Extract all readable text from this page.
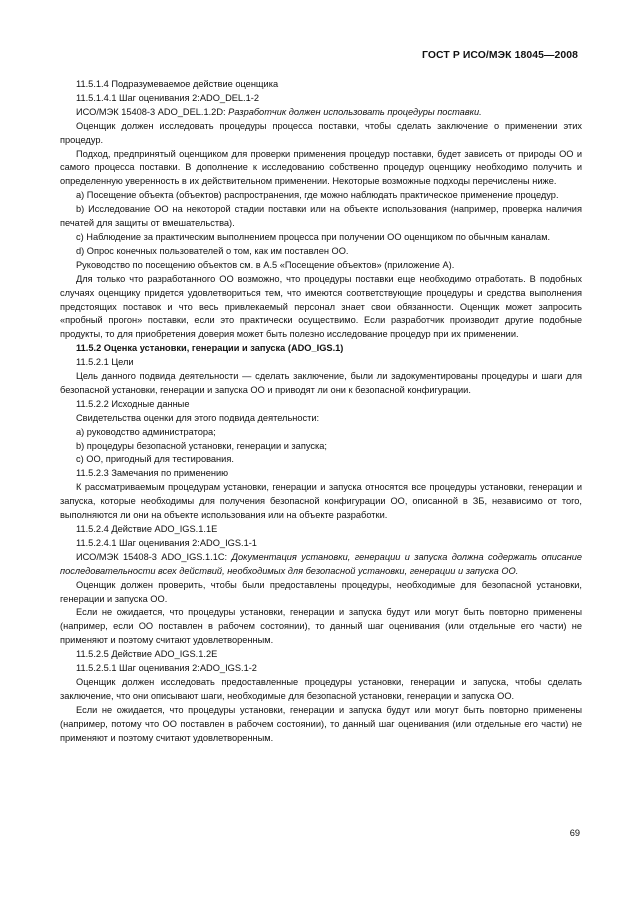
ГОСТ Р ИСО/МЭК 18045—2008

11.5.1.4 Подразумеваемое действие оценщика

11.5.1.4.1 Шаг оценивания 2:ADO_DEL.1-2

ИСО/МЭК 15408-3 ADO_DEL.1.2D: Разработчик должен использовать процедуры поставки.

Оценщик должен исследовать процедуры процесса поставки, чтобы сделать заключение о применении этих процедур.

Подход, предпринятый оценщиком для проверки применения процедур поставки, будет зависеть от природы ОО и самого процесса поставки. В дополнение к исследованию собственно процедур оценщику необходимо получить и определенную уверенность в их действительном применении. Некоторые возможные подходы перечислены ниже.

а) Посещение объекта (объектов) распространения, где можно наблюдать практическое применение процедур.

b) Исследование ОО на некоторой стадии поставки или на объекте использования (например, проверка наличия печатей для защиты от вмешательства).

с) Наблюдение за практическим выполнением процесса при получении ОО оценщиком по обычным каналам.

d) Опрос конечных пользователей о том, как им поставлен ОО.

Руководство по посещению объектов см. в А.5 «Посещение объектов» (приложение А).

Для только что разработанного ОО возможно, что процедуры поставки еще необходимо отработать. В подобных случаях оценщику придется удовлетвориться тем, что имеются соответствующие процедуры и средства выполнения предстоящих поставок и что весь привлекаемый персонал знает свои обязанности. Оценщик может запросить «пробный прогон» поставки, если это практически осуществимо. Если разработчик производит другие подобные продукты, то для приобретения доверия может быть полезно исследование процедур при их применении.

11.5.2 Оценка установки, генерации и запуска (ADO_IGS.1)

11.5.2.1 Цели

Цель данного подвида деятельности — сделать заключение, были ли задокументированы процедуры и шаги для безопасной установки, генерации и запуска ОО и приводят ли они к безопасной конфигурации.

11.5.2.2 Исходные данные

Свидетельства оценки для этого подвида деятельности:

а) руководство администратора;

b) процедуры безопасной установки, генерации и запуска;

с) ОО, пригодный для тестирования.

11.5.2.3 Замечания по применению

К рассматриваемым процедурам установки, генерации и запуска относятся все процедуры установки, генерации и запуска, которые необходимы для получения безопасной конфигурации ОО, описанной в ЗБ, независимо от того, выполняются ли они на объекте использования или на объекте разработки.

11.5.2.4 Действие ADO_IGS.1.1E

11.5.2.4.1 Шаг оценивания 2:ADO_IGS.1-1

ИСО/МЭК 15408-3 ADO_IGS.1.1C: Документация установки, генерации и запуска должна содержать описание последовательности всех действий, необходимых для безопасной установки, генерации и запуска ОО.

Оценщик должен проверить, чтобы были предоставлены процедуры, необходимые для безопасной установки, генерации и запуска ОО.

Если не ожидается, что процедуры установки, генерации и запуска будут или могут быть повторно применены (например, если ОО поставлен в рабочем состоянии), то данный шаг оценивания (или отдельные его части) не применяют и поэтому считают удовлетворенным.

11.5.2.5 Действие ADO_IGS.1.2E

11.5.2.5.1 Шаг оценивания 2:ADO_IGS.1-2

Оценщик должен исследовать предоставленные процедуры установки, генерации и запуска, чтобы сделать заключение, что они описывают шаги, необходимые для безопасной установки, генерации и запуска ОО.

Если не ожидается, что процедуры установки, генерации и запуска будут или могут быть повторно применены (например, потому что ОО поставлен в рабочем состоянии), то данный шаг оценивания (или отдельные его части) не применяют и поэтому считают удовлетворенным.

69
